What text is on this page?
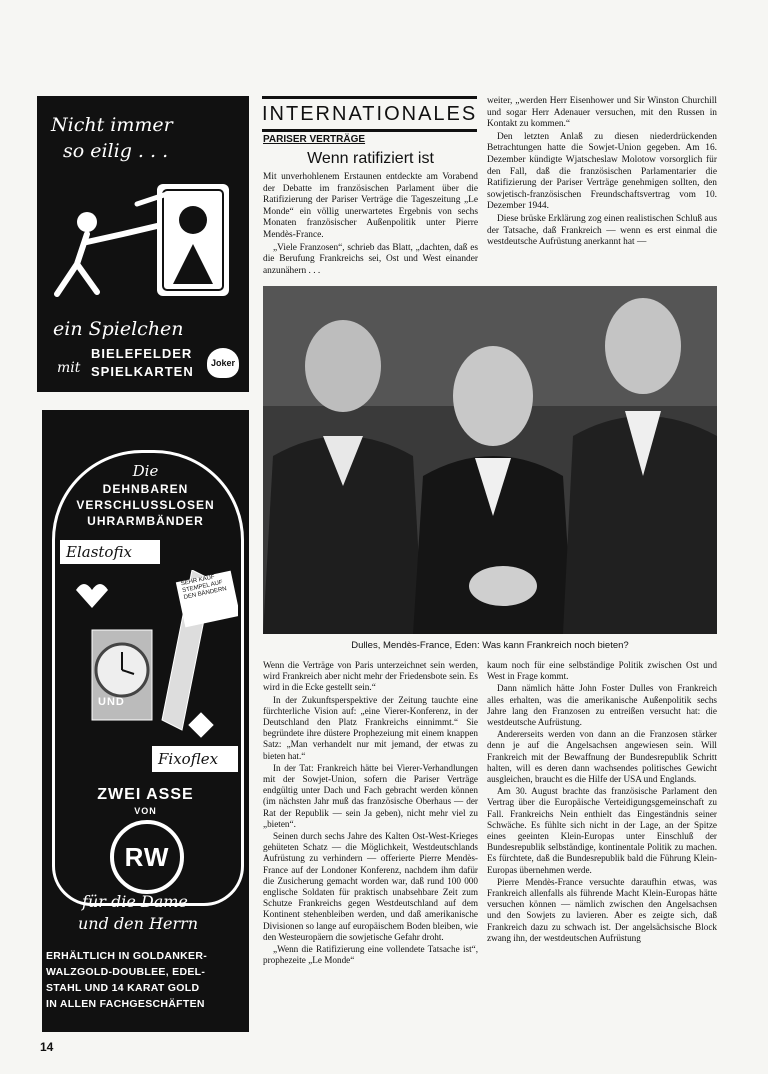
Nicht immer
so eilig . . .
ein Spielchen
mit
BIELEFELDER
SPIELKARTEN
Joker
Die
DEHNBAREN
VERSCHLUSSLOSEN
UHRARMBÄNDER
Elastofix
SEHR KAUF STEMPEL AUF DEN BÄNDERN
UND
Fixoflex
ZWEI ASSE
VON
RW
für die Dame
und den Herrn
ERHÄLTLICH IN GOLDANKER-
WALZGOLD-DOUBLEE, EDEL-
STAHL UND 14 KARAT GOLD
IN ALLEN FACHGESCHÄFTEN
INTERNATIONALES
PARISER VERTRÄGE
Wenn ratifiziert ist

Mit unverhohlenem Erstaunen entdeckte am Vorabend der Debatte im französischen Parlament über die Ratifizierung der Pariser Verträge die Tageszeitung „Le Monde“ ein völlig unerwartetes Ergebnis von sechs Monaten französischer Außenpolitik unter Pierre Mendès-France.

„Viele Franzosen“, schrieb das Blatt, „dachten, daß es die Berufung Frankreichs sei, Ost und West einander anzunähern . . .

weiter, „werden Herr Eisenhower und Sir Winston Churchill und sogar Herr Adenauer versuchen, mit den Russen in Kontakt zu kommen.“

Den letzten Anlaß zu diesen niederdrückenden Betrachtungen hatte die Sowjet-Union gegeben. Am 16. Dezember kündigte Wjatscheslaw Molotow vorsorglich für den Fall, daß die französischen Parlamentarier die Ratifizierung der Pariser Verträge genehmigen sollten, den sowjetisch-französischen Freundschaftsvertrag vom 10. Dezember 1944.

Diese brüske Erklärung zog einen realistischen Schluß aus der Tatsache, daß Frankreich — wenn es erst einmal die westdeutsche Aufrüstung anerkannt hat —

Dulles, Mendès-France, Eden: Was kann Frankreich noch bieten?

Wenn die Verträge von Paris unterzeichnet sein werden, wird Frankreich aber nicht mehr der Friedensbote sein. Es wird in die Ecke gestellt sein.“

In der Zukunftsperspektive der Zeitung tauchte eine fürchterliche Vision auf: „eine Vierer-Konferenz, in der Deutschland den Platz Frankreichs einnimmt.“ Sie begründete ihre düstere Prophezeiung mit einem knappen Satz: „Man verhandelt nur mit jemand, der etwas zu bieten hat.“

In der Tat: Frankreich hätte bei Vierer-Verhandlungen mit der Sowjet-Union, sofern die Pariser Verträge endgültig unter Dach und Fach gebracht werden können (im nächsten Jahr muß das französische Oberhaus — der Rat der Republik — sein Ja geben), nicht mehr viel zu „bieten“.

Seinen durch sechs Jahre des Kalten Ost-West-Krieges gehüteten Schatz — die Möglichkeit, Westdeutschlands Aufrüstung zu verhindern — offerierte Pierre Mendès-France auf der Londoner Konferenz, nachdem ihm dafür die Zusicherung gemacht worden war, daß rund 100 000 englische Soldaten für praktisch unabsehbare Zeit zum Schutze Frankreichs gegen Westdeutschland auf dem Kontinent stehenbleiben werden, und daß amerikanische Divisionen so lange auf europäischem Boden bleiben, wie den Westeuropäern die sowjetische Gefahr droht.

„Wenn die Ratifizierung eine vollendete Tatsache ist“, prophezeite „Le Monde“

kaum noch für eine selbständige Politik zwischen Ost und West in Frage kommt.

Dann nämlich hätte John Foster Dulles von Frankreich alles erhalten, was die amerikanische Außenpolitik sechs Jahre lang den Franzosen zu entreißen versucht hat: die westdeutsche Aufrüstung.

Andererseits werden von dann an die Franzosen stärker denn je auf die Angelsachsen angewiesen sein. Will Frankreich mit der Bewaffnung der Bundesrepublik Schritt halten, will es deren dann wachsendes politisches Gewicht ausgleichen, braucht es die Hilfe der USA und Englands.

Am 30. August brachte das französische Parlament den Vertrag über die Europäische Verteidigungsgemeinschaft zu Fall. Frankreichs Nein enthielt das Eingeständnis seiner Schwäche. Es fühlte sich nicht in der Lage, an der Spitze eines geeinten Klein-Europas unter Einschluß der Bundesrepublik selbständige, kontinentale Politik zu machen. Es fürchtete, daß die Bundesrepublik bald die Führung Klein-Europas übernehmen werde.

Pierre Mendès-France versuchte daraufhin etwas, was Frankreich allenfalls als führende Macht Klein-Europas hätte versuchen können — nämlich zwischen den Angelsachsen und den Sowjets zu lavieren. Aber es zeigte sich, daß Frankreich dazu zu schwach ist. Der angelsächsische Block zwang ihn, der westdeutschen Aufrüstung

14
